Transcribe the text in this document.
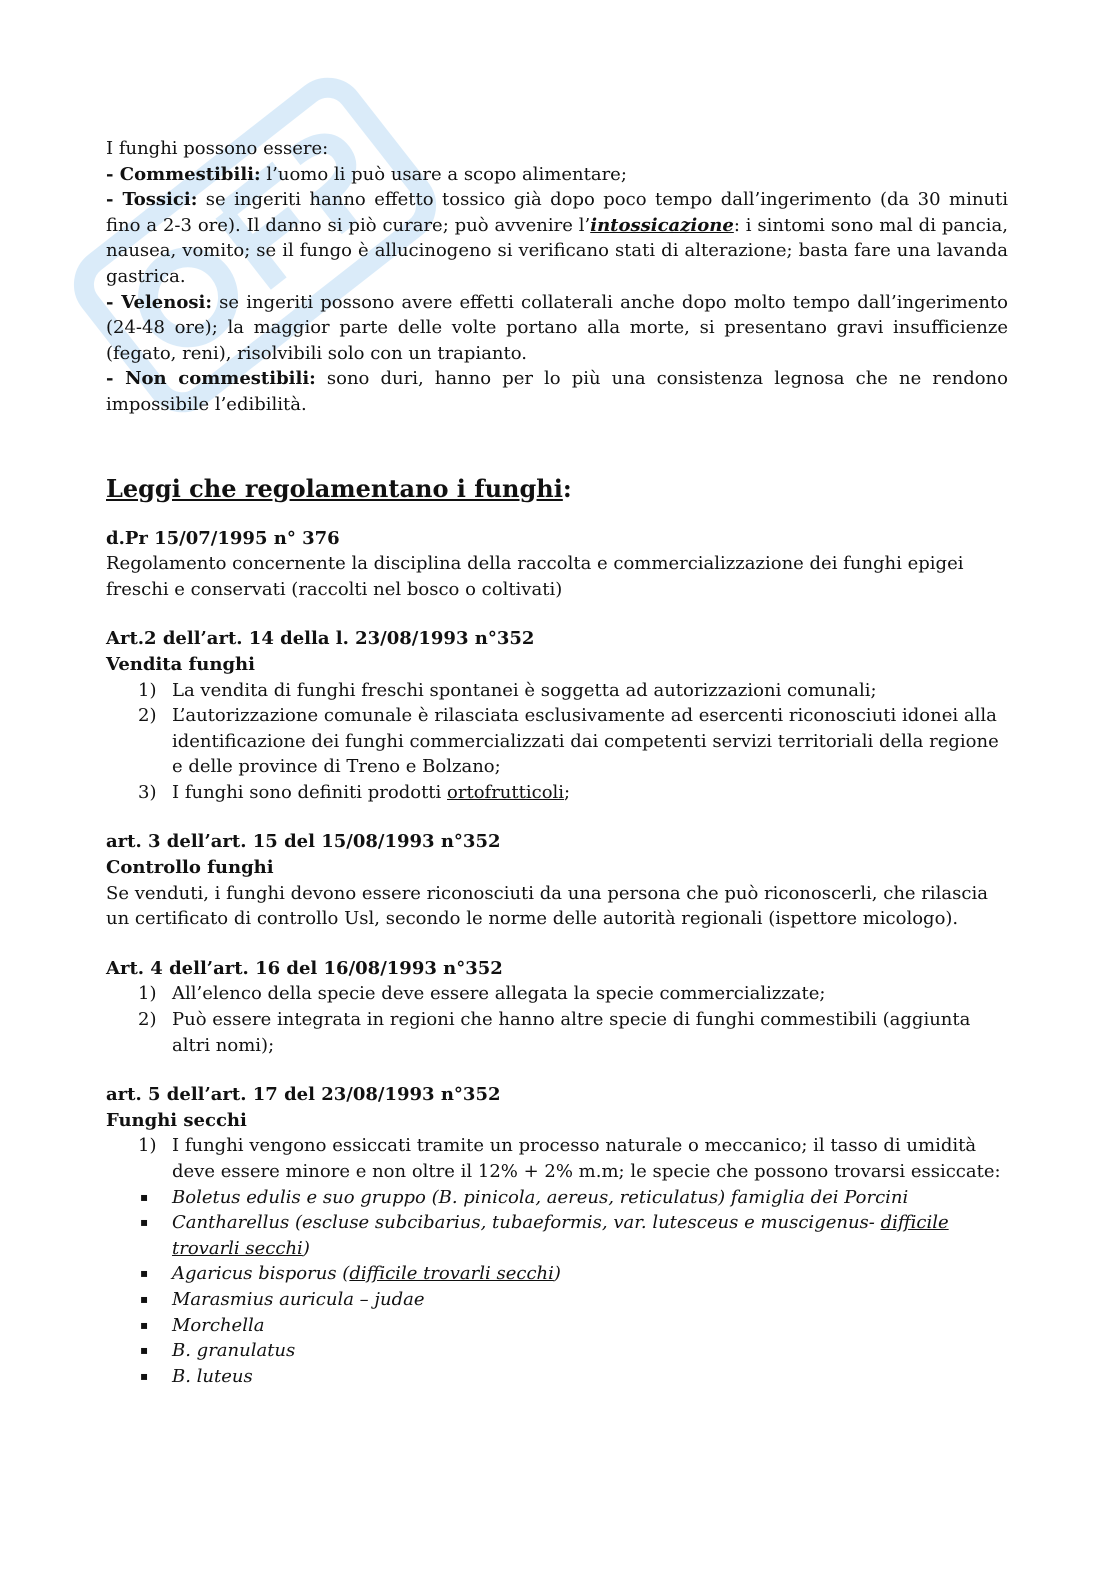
I funghi possono essere:

- Commestibili: l’uomo li può usare a scopo alimentare;

- Tossici: se ingeriti hanno effetto tossico già dopo poco tempo dall’ingerimento (da 30 minuti fino a 2-3 ore). Il danno si piò curare; può avvenire l’intossicazione: i sintomi sono mal di pancia, nausea, vomito; se il fungo è allucinogeno si verificano stati di alterazione; basta fare una lavanda gastrica.

- Velenosi: se ingeriti possono avere effetti collaterali anche dopo molto tempo dall’ingerimento (24-48 ore); la maggior parte delle volte portano alla morte, si presentano gravi insufficienze (fegato, reni), risolvibili solo con un trapianto.

- Non commestibili: sono duri, hanno per lo più una consistenza legnosa che ne rendono impossibile l’edibilità.

Leggi che regolamentano i funghi:

d.Pr 15/07/1995 n° 376

Regolamento concernente la disciplina della raccolta e commercializzazione dei funghi epigei freschi e conservati (raccolti nel bosco o coltivati)

Art.2 dell’art. 14 della l. 23/08/1993 n°352

Vendita funghi

1) La vendita di funghi freschi spontanei è soggetta ad autorizzazioni comunali;
2) L’autorizzazione comunale è rilasciata esclusivamente ad esercenti riconosciuti idonei alla identificazione dei funghi commercializzati dai competenti servizi territoriali della regione e delle province di Treno e Bolzano;
3) I funghi sono definiti prodotti ortofrutticoli;

art. 3 dell’art. 15 del 15/08/1993 n°352

Controllo funghi

Se venduti, i funghi devono essere riconosciuti da una persona che può riconoscerli, che rilascia un certificato di controllo Usl, secondo le norme delle autorità regionali (ispettore micologo).

Art. 4 dell’art. 16 del 16/08/1993 n°352

1) All’elenco della specie deve essere allegata la specie commercializzate;
2) Può essere integrata in regioni che hanno altre specie di funghi commestibili (aggiunta altri nomi);

art. 5 dell’art. 17 del 23/08/1993 n°352

Funghi secchi

1) I funghi vengono essiccati tramite un processo naturale o meccanico; il tasso di umidità deve essere minore e non oltre il 12% + 2% m.m; le specie che possono trovarsi essiccate:
▪ Boletus edulis e suo gruppo (B. pinicola, aereus, reticulatus) famiglia dei Porcini
▪ Cantharellus (escluse subcibarius, tubaeformis, var. lutesceus e muscigenus- difficile trovarli secchi)
▪ Agaricus bisporus (difficile trovarli secchi)
▪ Marasmius auricula – judae
▪ Morchella
▪ B. granulatus
▪ B. luteus
